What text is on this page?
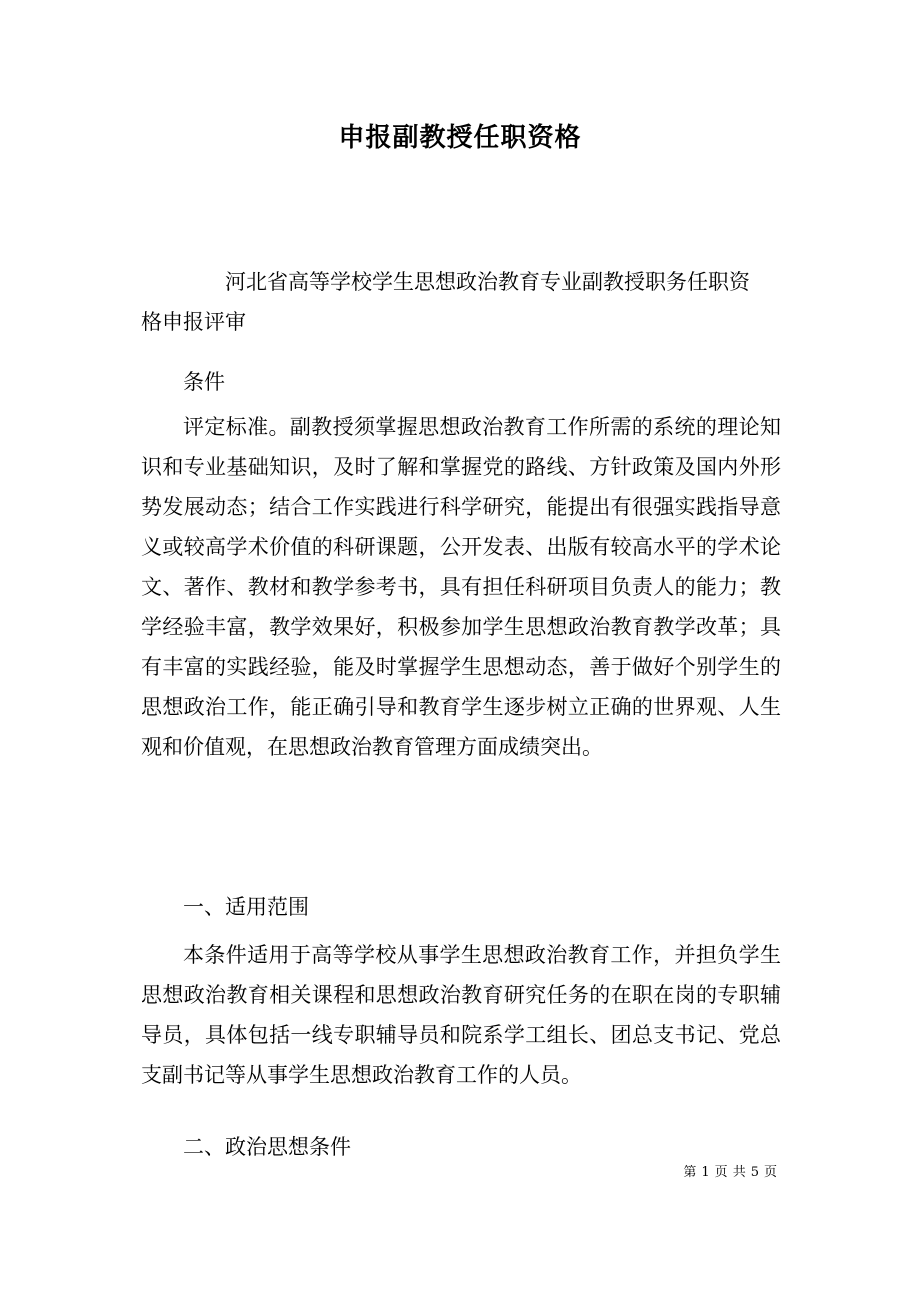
申报副教授任职资格

河北省高等学校学生思想政治教育专业副教授职务任职资

格申报评审

条件
评定标准。副教授须掌握思想政治教育工作所需的系统的理论知识和专业基础知识，及时了解和掌握党的路线、方针政策及国内外形势发展动态；结合工作实践进行科学研究，能提出有很强实践指导意义或较高学术价值的科研课题，公开发表、出版有较高水平的学术论文、著作、教材和教学参考书，具有担任科研项目负责人的能力；教学经验丰富，教学效果好，积极参加学生思想政治教育教学改革；具有丰富的实践经验，能及时掌握学生思想动态，善于做好个别学生的思想政治工作，能正确引导和教育学生逐步树立正确的世界观、人生观和价值观，在思想政治教育管理方面成绩突出。
一、适用范围
本条件适用于高等学校从事学生思想政治教育工作，并担负学生思想政治教育相关课程和思想政治教育研究任务的在职在岗的专职辅导员，具体包括一线专职辅导员和院系学工组长、团总支书记、党总支副书记等从事学生思想政治教育工作的人员。
二、政治思想条件
第 1 页 共 5 页
